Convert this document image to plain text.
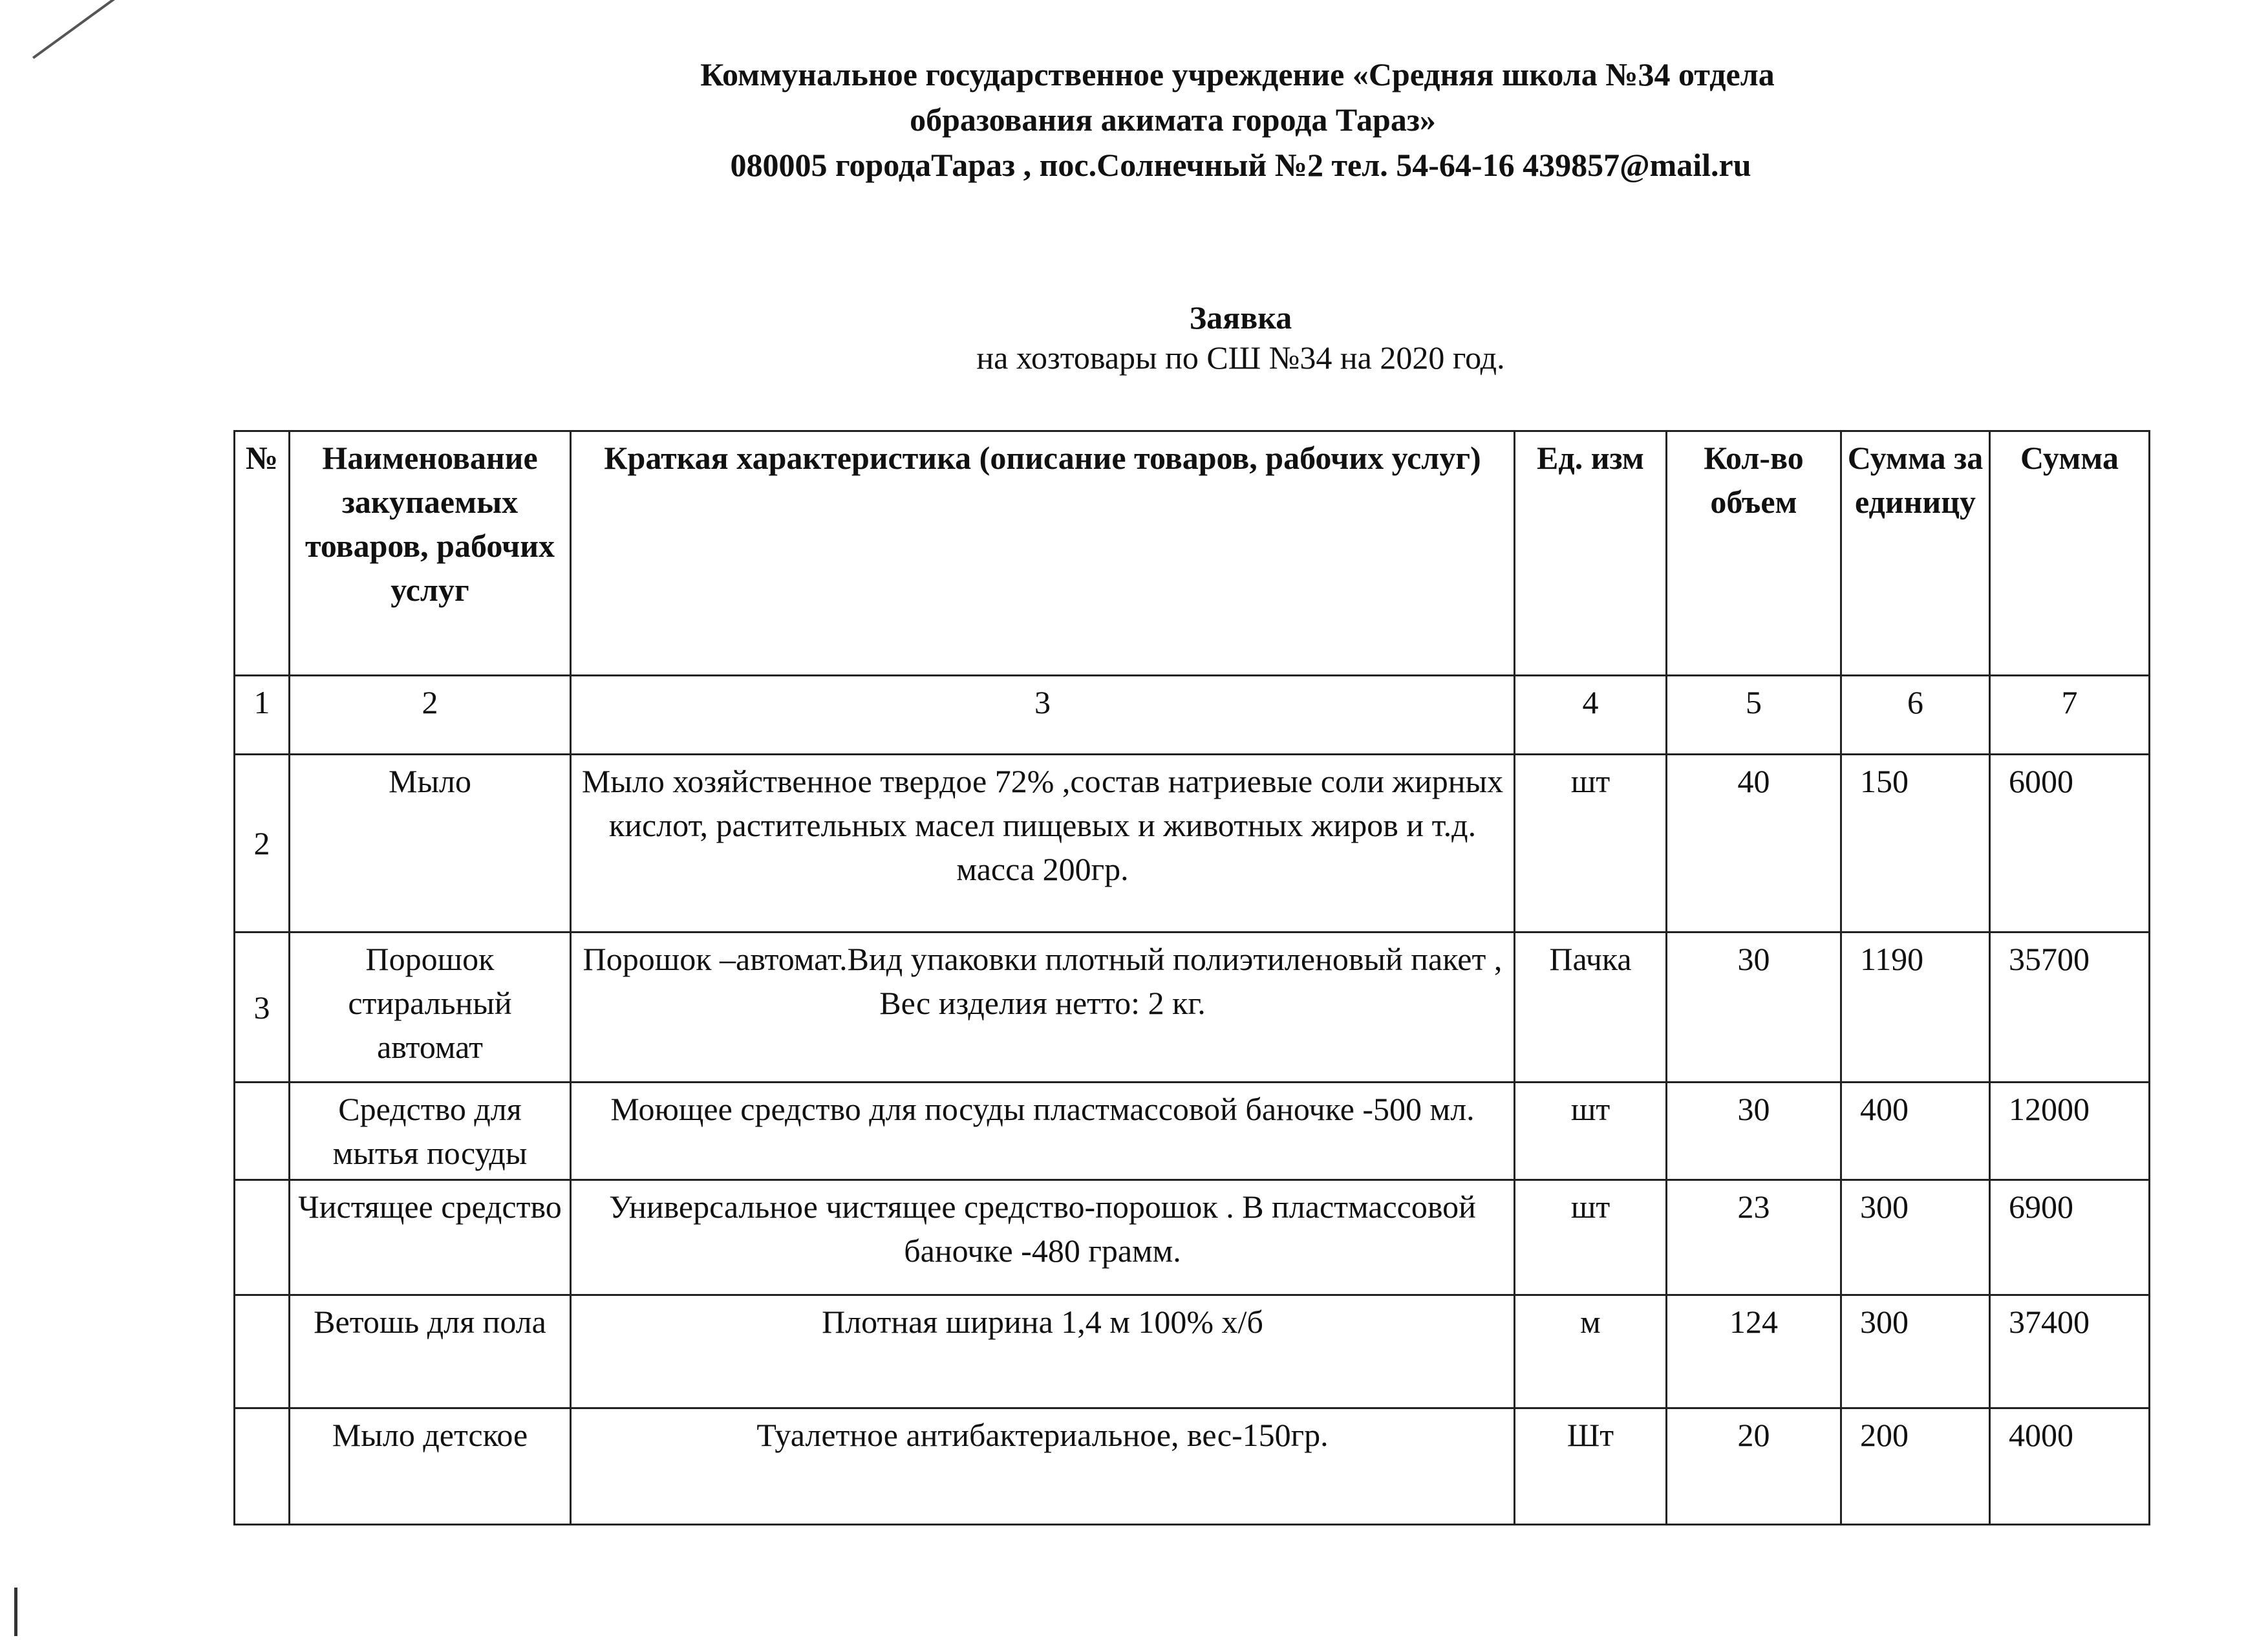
Коммунальное государственное учреждение «Средняя школа №34 отдела
образования акимата города Тараз»
080005 городаТараз , пос.Солнечный №2 тел. 54-64-16 439857@mail.ru
Заявка
на хозтовары по СШ №34 на 2020 год.
№	Наименование закупаемых товаров, рабочих услуг	Краткая характеристика (описание товаров, рабочих услуг)	Ед. изм	Кол-во объем	Сумма за единицу	Сумма
1	2	3	4	5	6	7
2	Мыло	Мыло хозяйственное твердое 72% ,состав натриевые соли жирных кислот, растительных масел пищевых и животных жиров и т.д. масса 200гр.	шт	40	150	6000
3	Порошок стиральный автомат	Порошок –автомат.Вид упаковки плотный полиэтиленовый пакет , Вес изделия нетто: 2 кг.	Пачка	30	1190	35700
	Средство для мытья посуды	Моющее средство для посуды пластмассовой баночке -500 мл.	шт	30	400	12000
	Чистящее средство	Универсальное чистящее средство-порошок . В пластмассовой баночке -480 грамм.	шт	23	300	6900
	Ветошь для пола	Плотная ширина 1,4 м 100% х/б	м	124	300	37400
	Мыло детское	Туалетное антибактериальное, вес-150гр.	Шт	20	200	4000
